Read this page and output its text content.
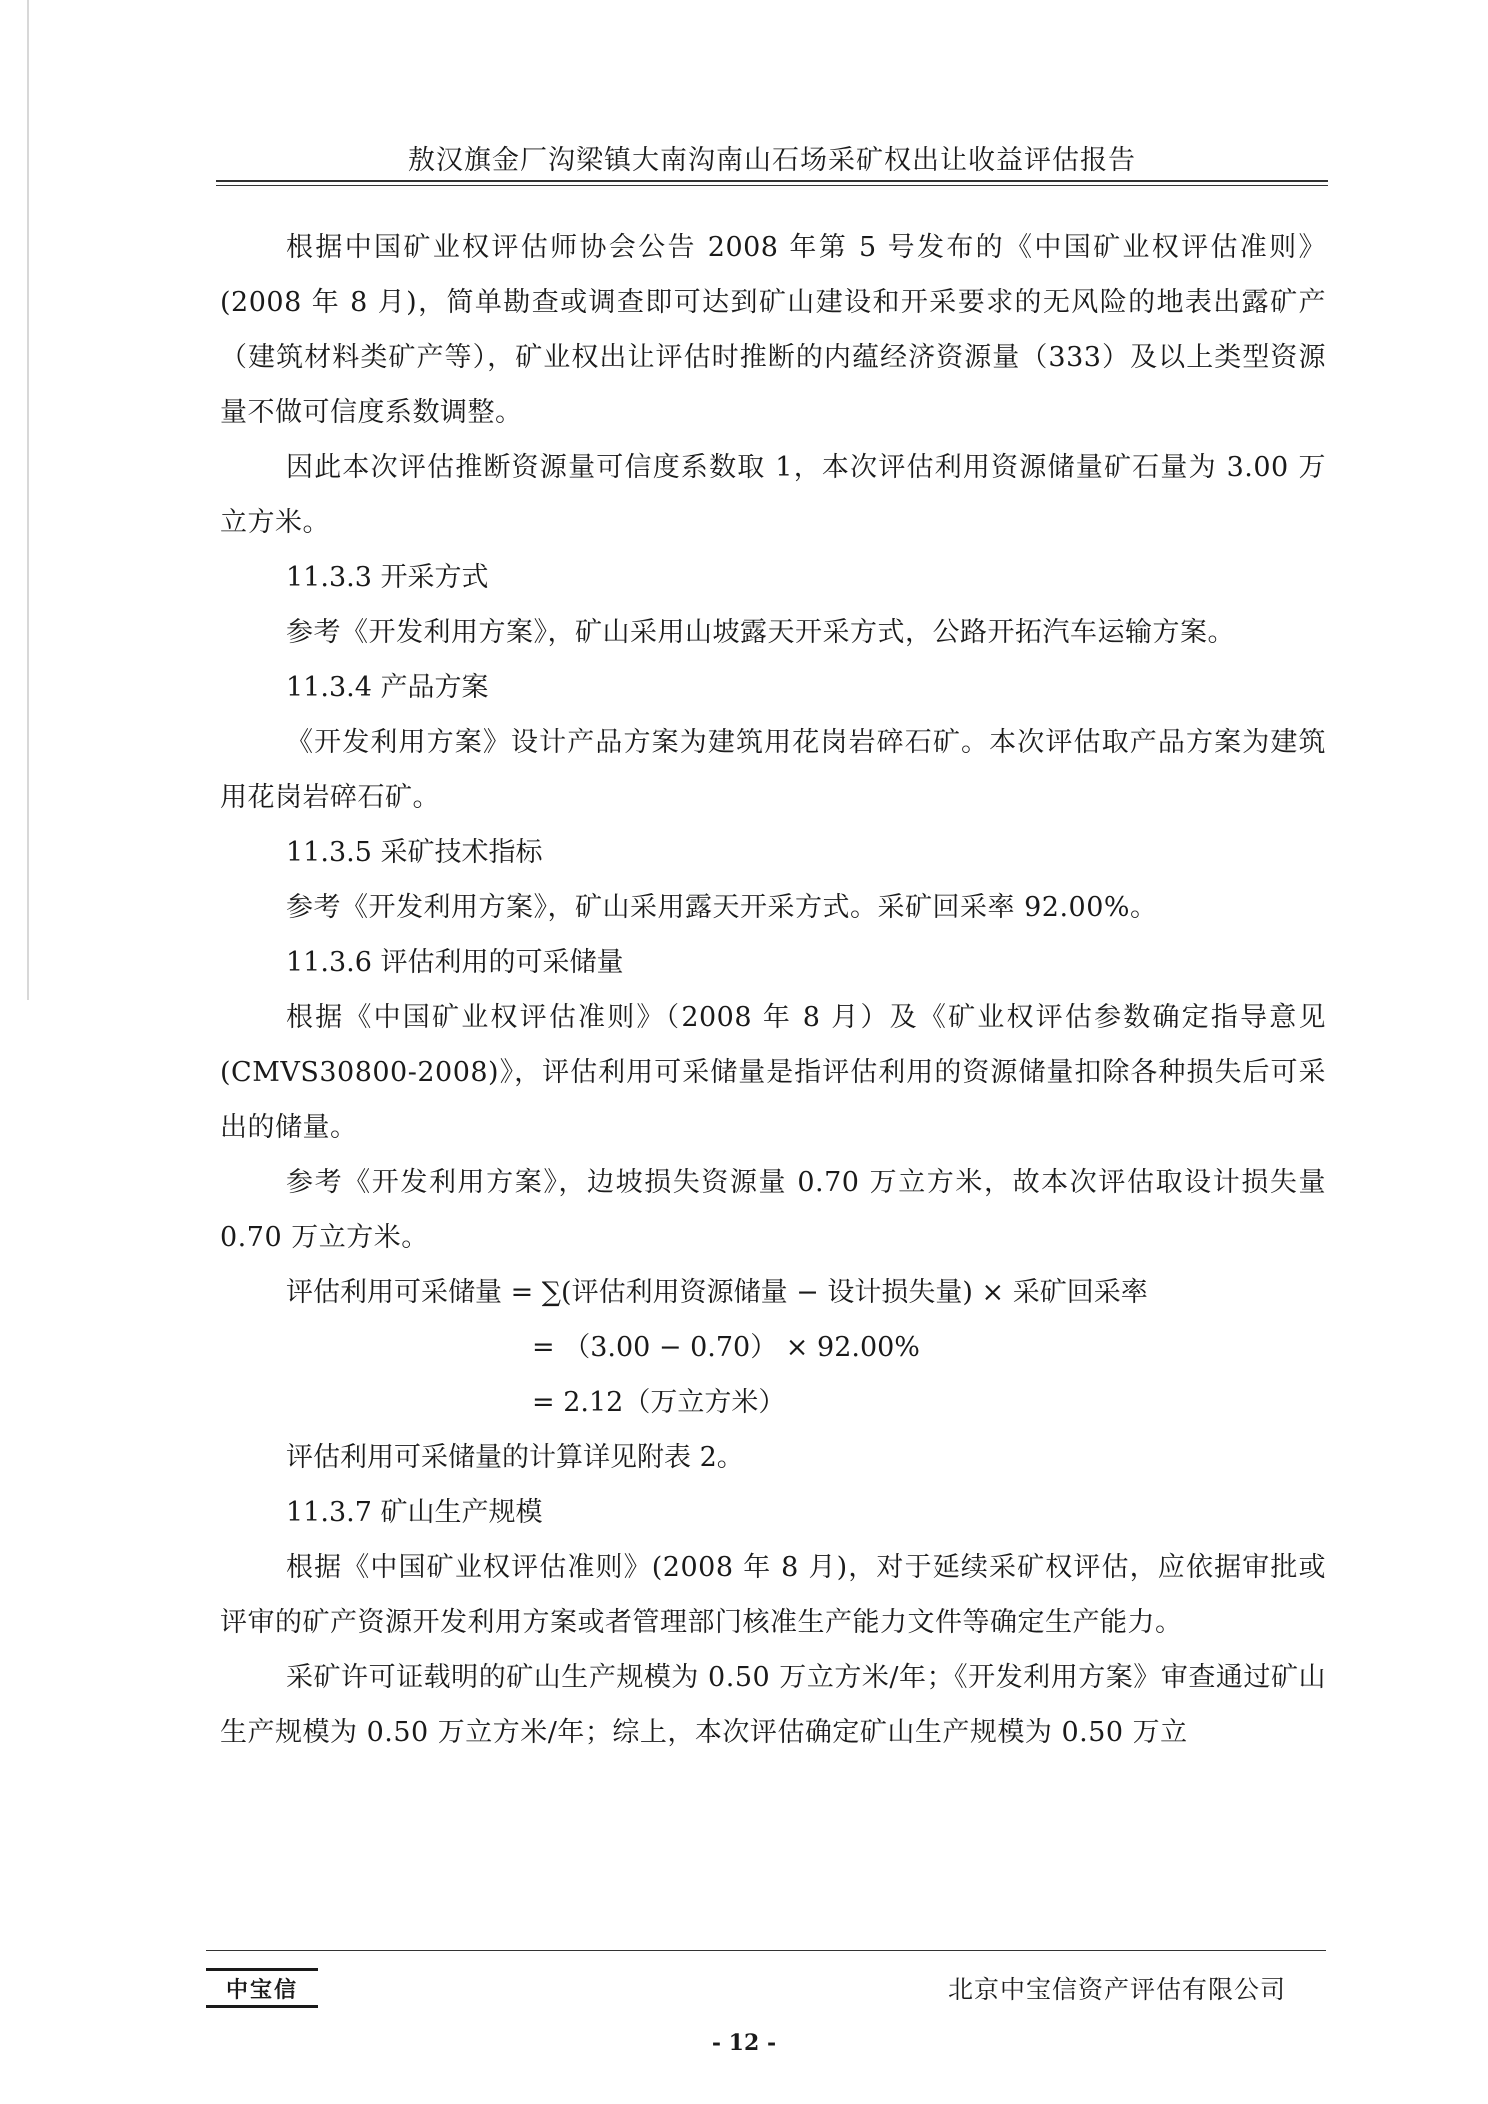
敖汉旗金厂沟梁镇大南沟南山石场采矿权出让收益评估报告

根据中国矿业权评估师协会公告 2008 年第 5 号发布的《中国矿业权评估准则》(2008 年 8 月)，简单勘查或调查即可达到矿山建设和开采要求的无风险的地表出露矿产（建筑材料类矿产等），矿业权出让评估时推断的内蕴经济资源量（333）及以上类型资源量不做可信度系数调整。

因此本次评估推断资源量可信度系数取 1，本次评估利用资源储量矿石量为 3.00 万立方米。

11.3.3 开采方式

参考《开发利用方案》，矿山采用山坡露天开采方式，公路开拓汽车运输方案。

11.3.4 产品方案

《开发利用方案》设计产品方案为建筑用花岗岩碎石矿。本次评估取产品方案为建筑用花岗岩碎石矿。

11.3.5 采矿技术指标

参考《开发利用方案》，矿山采用露天开采方式。采矿回采率 92.00%。

11.3.6 评估利用的可采储量

根据《中国矿业权评估准则》（2008 年 8 月）及《矿业权评估参数确定指导意见(CMVS30800-2008)》，评估利用可采储量是指评估利用的资源储量扣除各种损失后可采出的储量。

参考《开发利用方案》，边坡损失资源量 0.70 万立方米，故本次评估取设计损失量 0.70 万立方米。

评估利用可采储量 = ∑(评估利用资源储量 − 设计损失量) × 采矿回采率

= （3.00 − 0.70） × 92.00%

= 2.12（万立方米）

评估利用可采储量的计算详见附表 2。

11.3.7 矿山生产规模

根据《中国矿业权评估准则》(2008 年 8 月)，对于延续采矿权评估，应依据审批或评审的矿产资源开发利用方案或者管理部门核准生产能力文件等确定生产能力。

采矿许可证载明的矿山生产规模为 0.50 万立方米/年；《开发利用方案》审查通过矿山生产规模为 0.50 万立方米/年；综上，本次评估确定矿山生产规模为 0.50 万立

中宝信	北京中宝信资产评估有限公司
- 12 -
